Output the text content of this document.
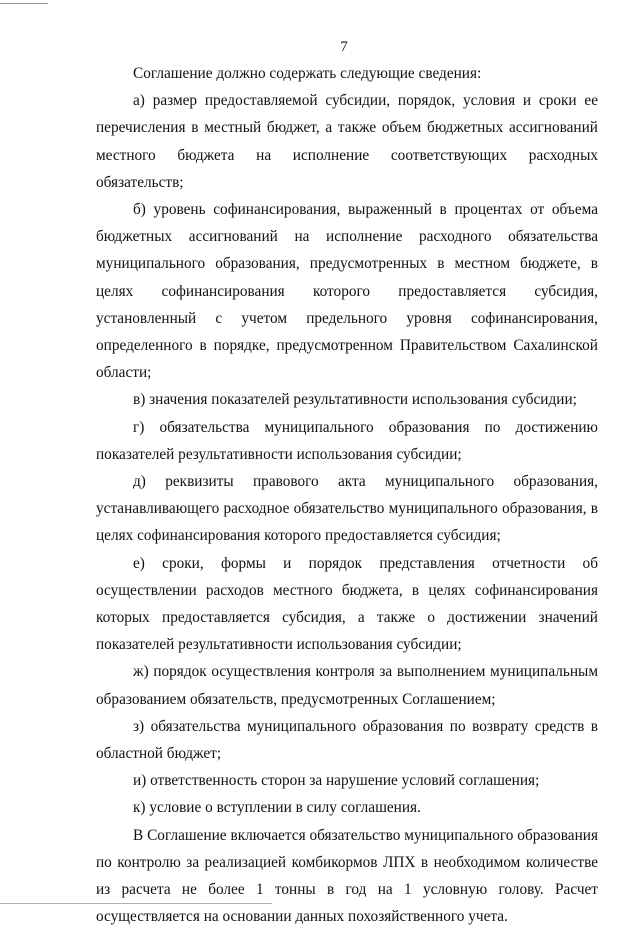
7

Соглашение должно содержать следующие сведения:

а) размер предоставляемой субсидии, порядок, условия и сроки ее перечисления в местный бюджет, а также объем бюджетных ассигнований местного бюджета на исполнение соответствующих расходных обязательств;

б) уровень софинансирования, выраженный в процентах от объема бюджетных ассигнований на исполнение расходного обязательства муниципального образования, предусмотренных в местном бюджете, в целях софинансирования которого предоставляется субсидия, установленный с учетом предельного уровня софинансирования, определенного в порядке, предусмотренном Правительством Сахалинской области;

в) значения показателей результативности использования субсидии;

г) обязательства муниципального образования по достижению показателей результативности использования субсидии;

д) реквизиты правового акта муниципального образования, устанавливающего расходное обязательство муниципального образования, в целях софинансирования которого предоставляется субсидия;

е) сроки, формы и порядок представления отчетности об осуществлении расходов местного бюджета, в целях софинансирования которых предоставляется субсидия, а также о достижении значений показателей результативности использования субсидии;

ж) порядок осуществления контроля за выполнением муниципальным образованием обязательств, предусмотренных Соглашением;

з) обязательства муниципального образования по возврату средств в областной бюджет;

и) ответственность сторон за нарушение условий соглашения;

к) условие о вступлении в силу соглашения.

В Соглашение включается обязательство муниципального образования по контролю за реализацией комбикормов ЛПХ в необходимом количестве из расчета не более 1 тонны в год на 1 условную голову. Расчет осуществляется на основании данных похозяйственного учета.
